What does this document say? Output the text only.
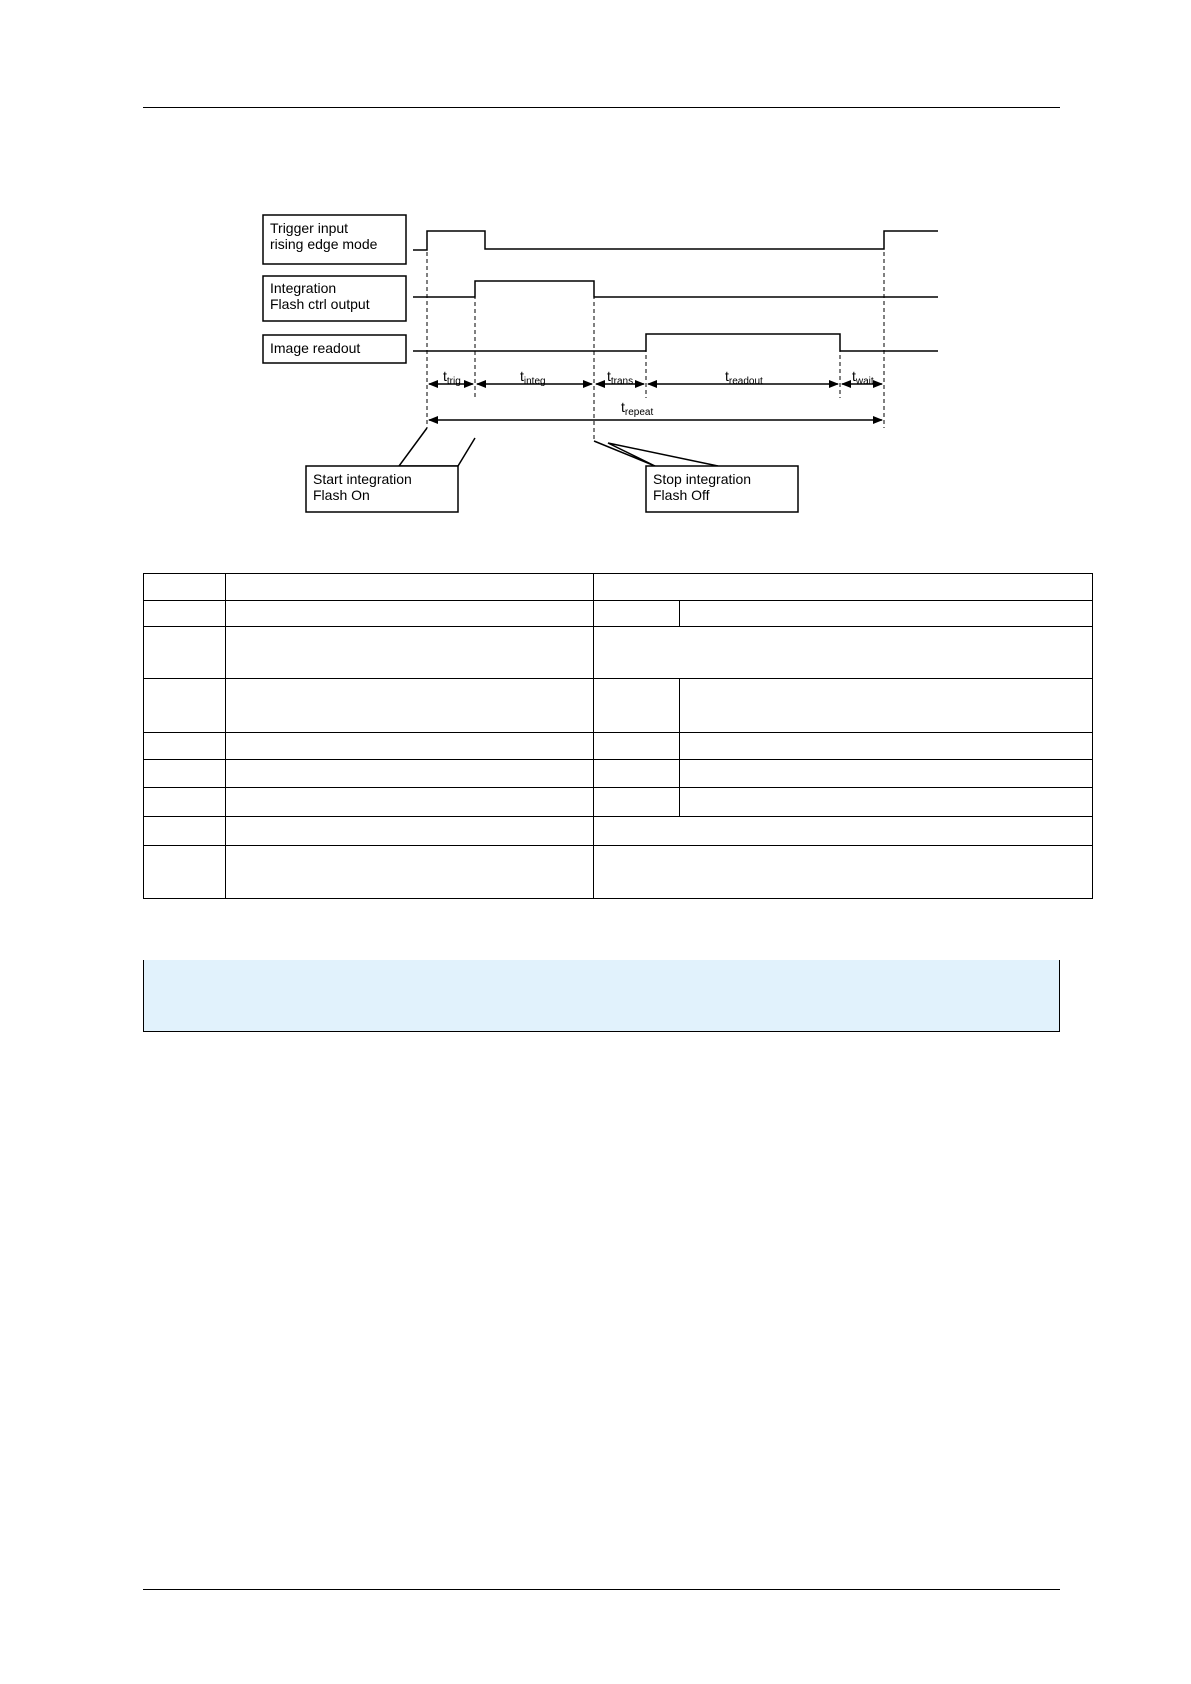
Trigger input
rising edge mode
Integration
Flash ctrl output
Image readout
$t_{trig}$	$t_{integ}$	$t_{trans}$	$t_{readout}$	$t_{wait}$
$t_{repeat}$
Start integration
Flash On
Stop integration
Flash Off
